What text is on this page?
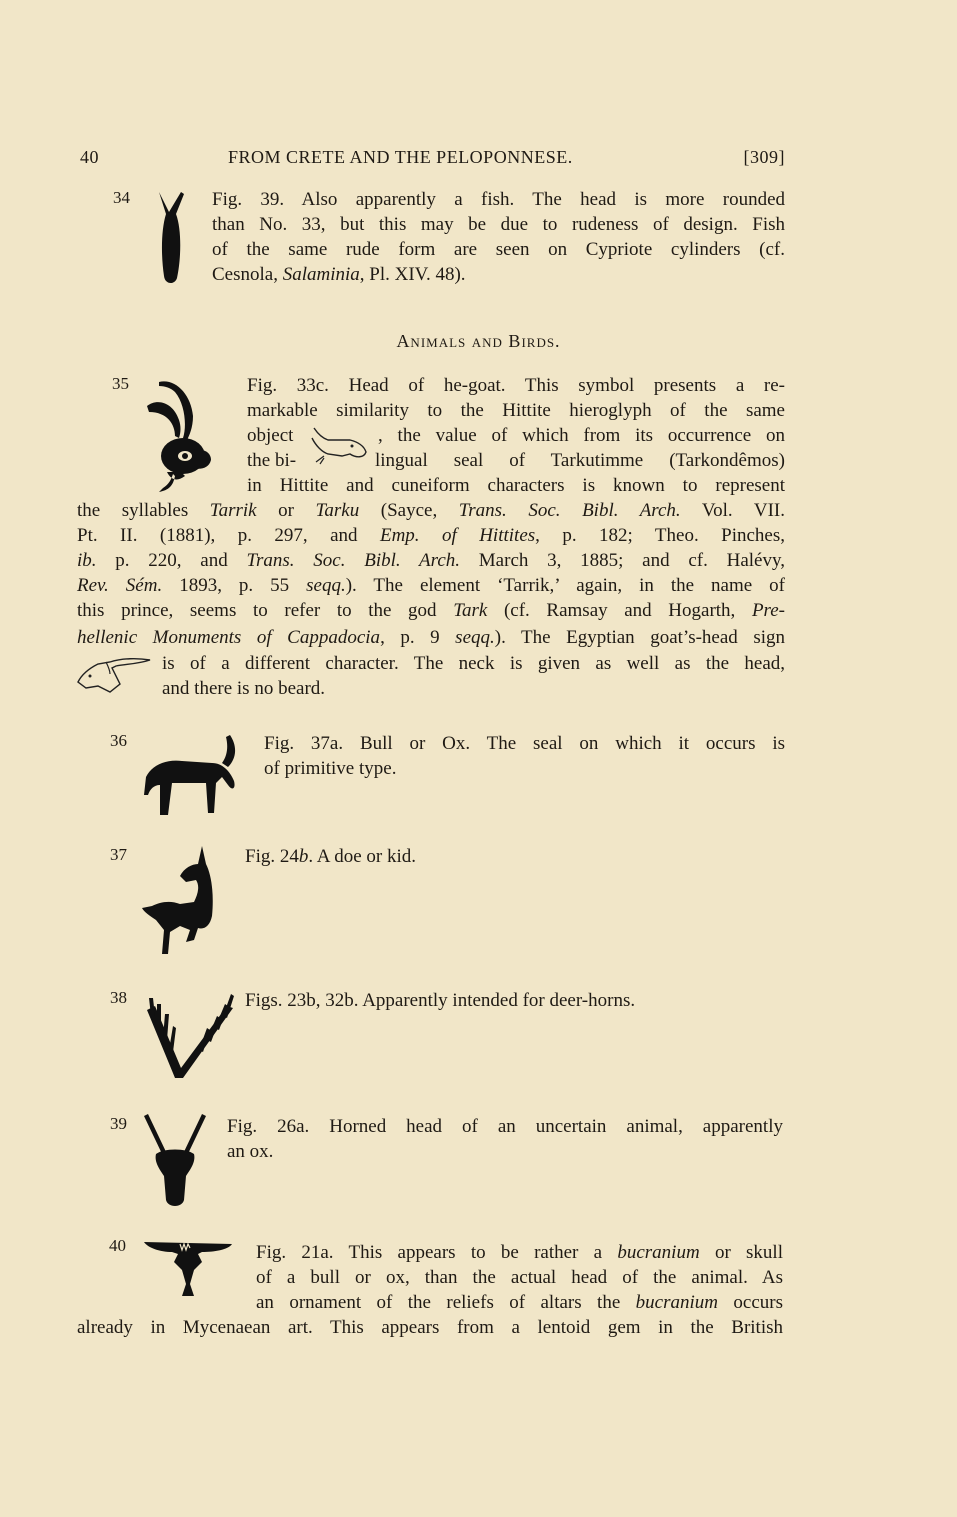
40	FROM CRETE AND THE PELOPONNESE.	[309]
34	Fig. 39. Also apparently a fish. The head is more rounded
than No. 33, but this may be due to rudeness of design. Fish
of the same rude form are seen on Cypriote cylinders (cf.
Cesnola, Salaminia, Pl. XIV. 48).
Animals and Birds.
35	Fig. 33c. Head of he-goat. This symbol presents a re-
markable similarity to the Hittite hieroglyph of the same
object	, the value of which from its occurrence on
the bi-	lingual seal of Tarkutimme (Tarkondêmos)
in Hittite and cuneiform characters is known to represent
the syllables Tarrik or Tarku (Sayce, Trans. Soc. Bibl. Arch. Vol. VII.
Pt. II. (1881), p. 297, and Emp. of Hittites, p. 182; Theo. Pinches,
ib. p. 220, and Trans. Soc. Bibl. Arch. March 3, 1885; and cf. Halévy,
Rev. Sém. 1893, p. 55 seqq.). The element ‘Tarrik,’ again, in the name of
this prince, seems to refer to the god Tark (cf. Ramsay and Hogarth, Pre-
hellenic Monuments of Cappadocia, p. 9 seqq.). The Egyptian goat’s-head sign
is of a different character. The neck is given as well as the head,
and there is no beard.
36	Fig. 37a. Bull or Ox. The seal on which it occurs is
of primitive type.
37	Fig. 24b. A doe or kid.
38	Figs. 23b, 32b. Apparently intended for deer-horns.
39	Fig. 26a. Horned head of an uncertain animal, apparently
an ox.
40	Fig. 21a. This appears to be rather a bucranium or skull
of a bull or ox, than the actual head of the animal. As
an ornament of the reliefs of altars the bucranium occurs
already in Mycenaean art. This appears from a lentoid gem in the British
